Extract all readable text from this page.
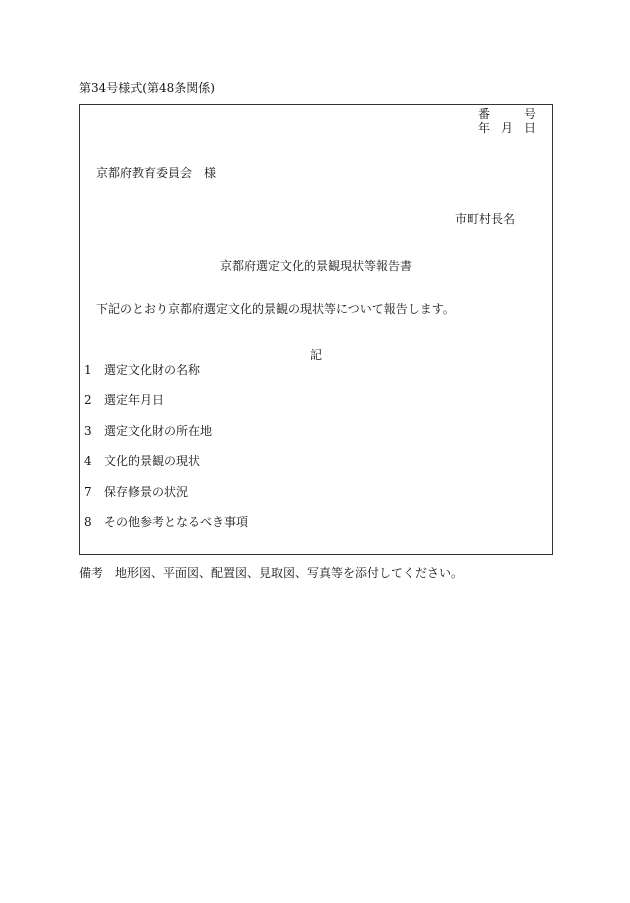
第34号様式(第48条関係)

番	号

年 月 日

京都府教育委員会　様

市町村長名

京都府選定文化的景観現状等報告書

下記のとおり京都府選定文化的景観の現状等について報告します。

記

1 選定文化財の名称

2 選定年月日

3 選定文化財の所在地

4 文化的景観の現状

7 保存修景の状況

8 その他参考となるべき事項

備考　地形図、平面図、配置図、見取図、写真等を添付してください。
